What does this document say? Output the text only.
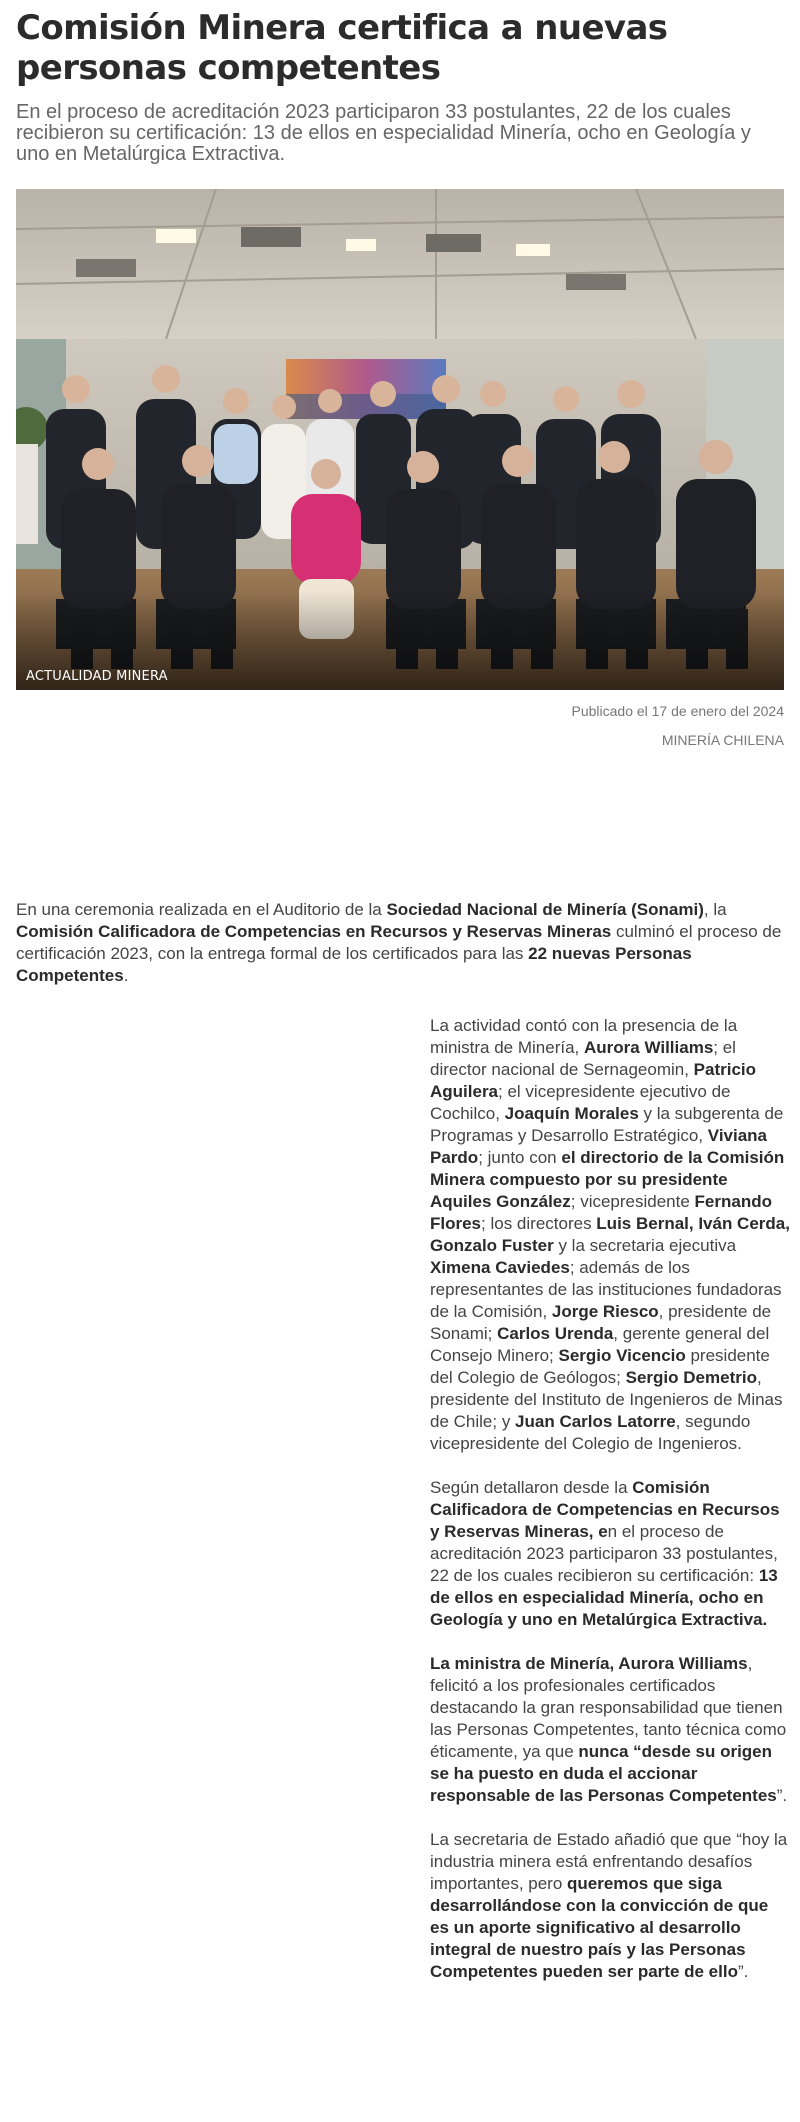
Comisión Minera certifica a nuevas personas competentes

En el proceso de acreditación 2023 participaron 33 postulantes, 22 de los cuales recibieron su certificación: 13 de ellos en especialidad Minería, ocho en Geología y uno en Metalúrgica Extractiva.

ACTUALIDAD MINERA
Publicado el 17 de enero del 2024
MINERÍA CHILENA

En una ceremonia realizada en el Auditorio de la Sociedad Nacional de Minería (Sonami), la Comisión Calificadora de Competencias en Recursos y Reservas Mineras culminó el proceso de certificación 2023, con la entrega formal de los certificados para las 22 nuevas Personas Competentes.

La actividad contó con la presencia de la ministra de Minería, Aurora Williams; el director nacional de Sernageomin, Patricio Aguilera; el vicepresidente ejecutivo de Cochilco, Joaquín Morales y la subgerenta de Programas y Desarrollo Estratégico, Viviana Pardo; junto con el directorio de la Comisión Minera compuesto por su presidente Aquiles González; vicepresidente Fernando Flores; los directores Luis Bernal, Iván Cerda, Gonzalo Fuster y la secretaria ejecutiva Ximena Caviedes; además de los representantes de las instituciones fundadoras de la Comisión, Jorge Riesco, presidente de Sonami; Carlos Urenda, gerente general del Consejo Minero; Sergio Vicencio presidente del Colegio de Geólogos; Sergio Demetrio, presidente del Instituto de Ingenieros de Minas de Chile; y Juan Carlos Latorre, segundo vicepresidente del Colegio de Ingenieros.

Según detallaron desde la Comisión Calificadora de Competencias en Recursos y Reservas Mineras, en el proceso de acreditación 2023 participaron 33 postulantes, 22 de los cuales recibieron su certificación: 13 de ellos en especialidad Minería, ocho en Geología y uno en Metalúrgica Extractiva.

La ministra de Minería, Aurora Williams, felicitó a los profesionales certificados destacando la gran responsabilidad que tienen las Personas Competentes, tanto técnica como éticamente, ya que nunca “desde su origen se ha puesto en duda el accionar responsable de las Personas Competentes”.

La secretaria de Estado añadió que que “hoy la industria minera está enfrentando desafíos importantes, pero queremos que siga desarrollándose con la convicción de que es un aporte significativo al desarrollo integral de nuestro país y las Personas Competentes pueden ser parte de ello”.
